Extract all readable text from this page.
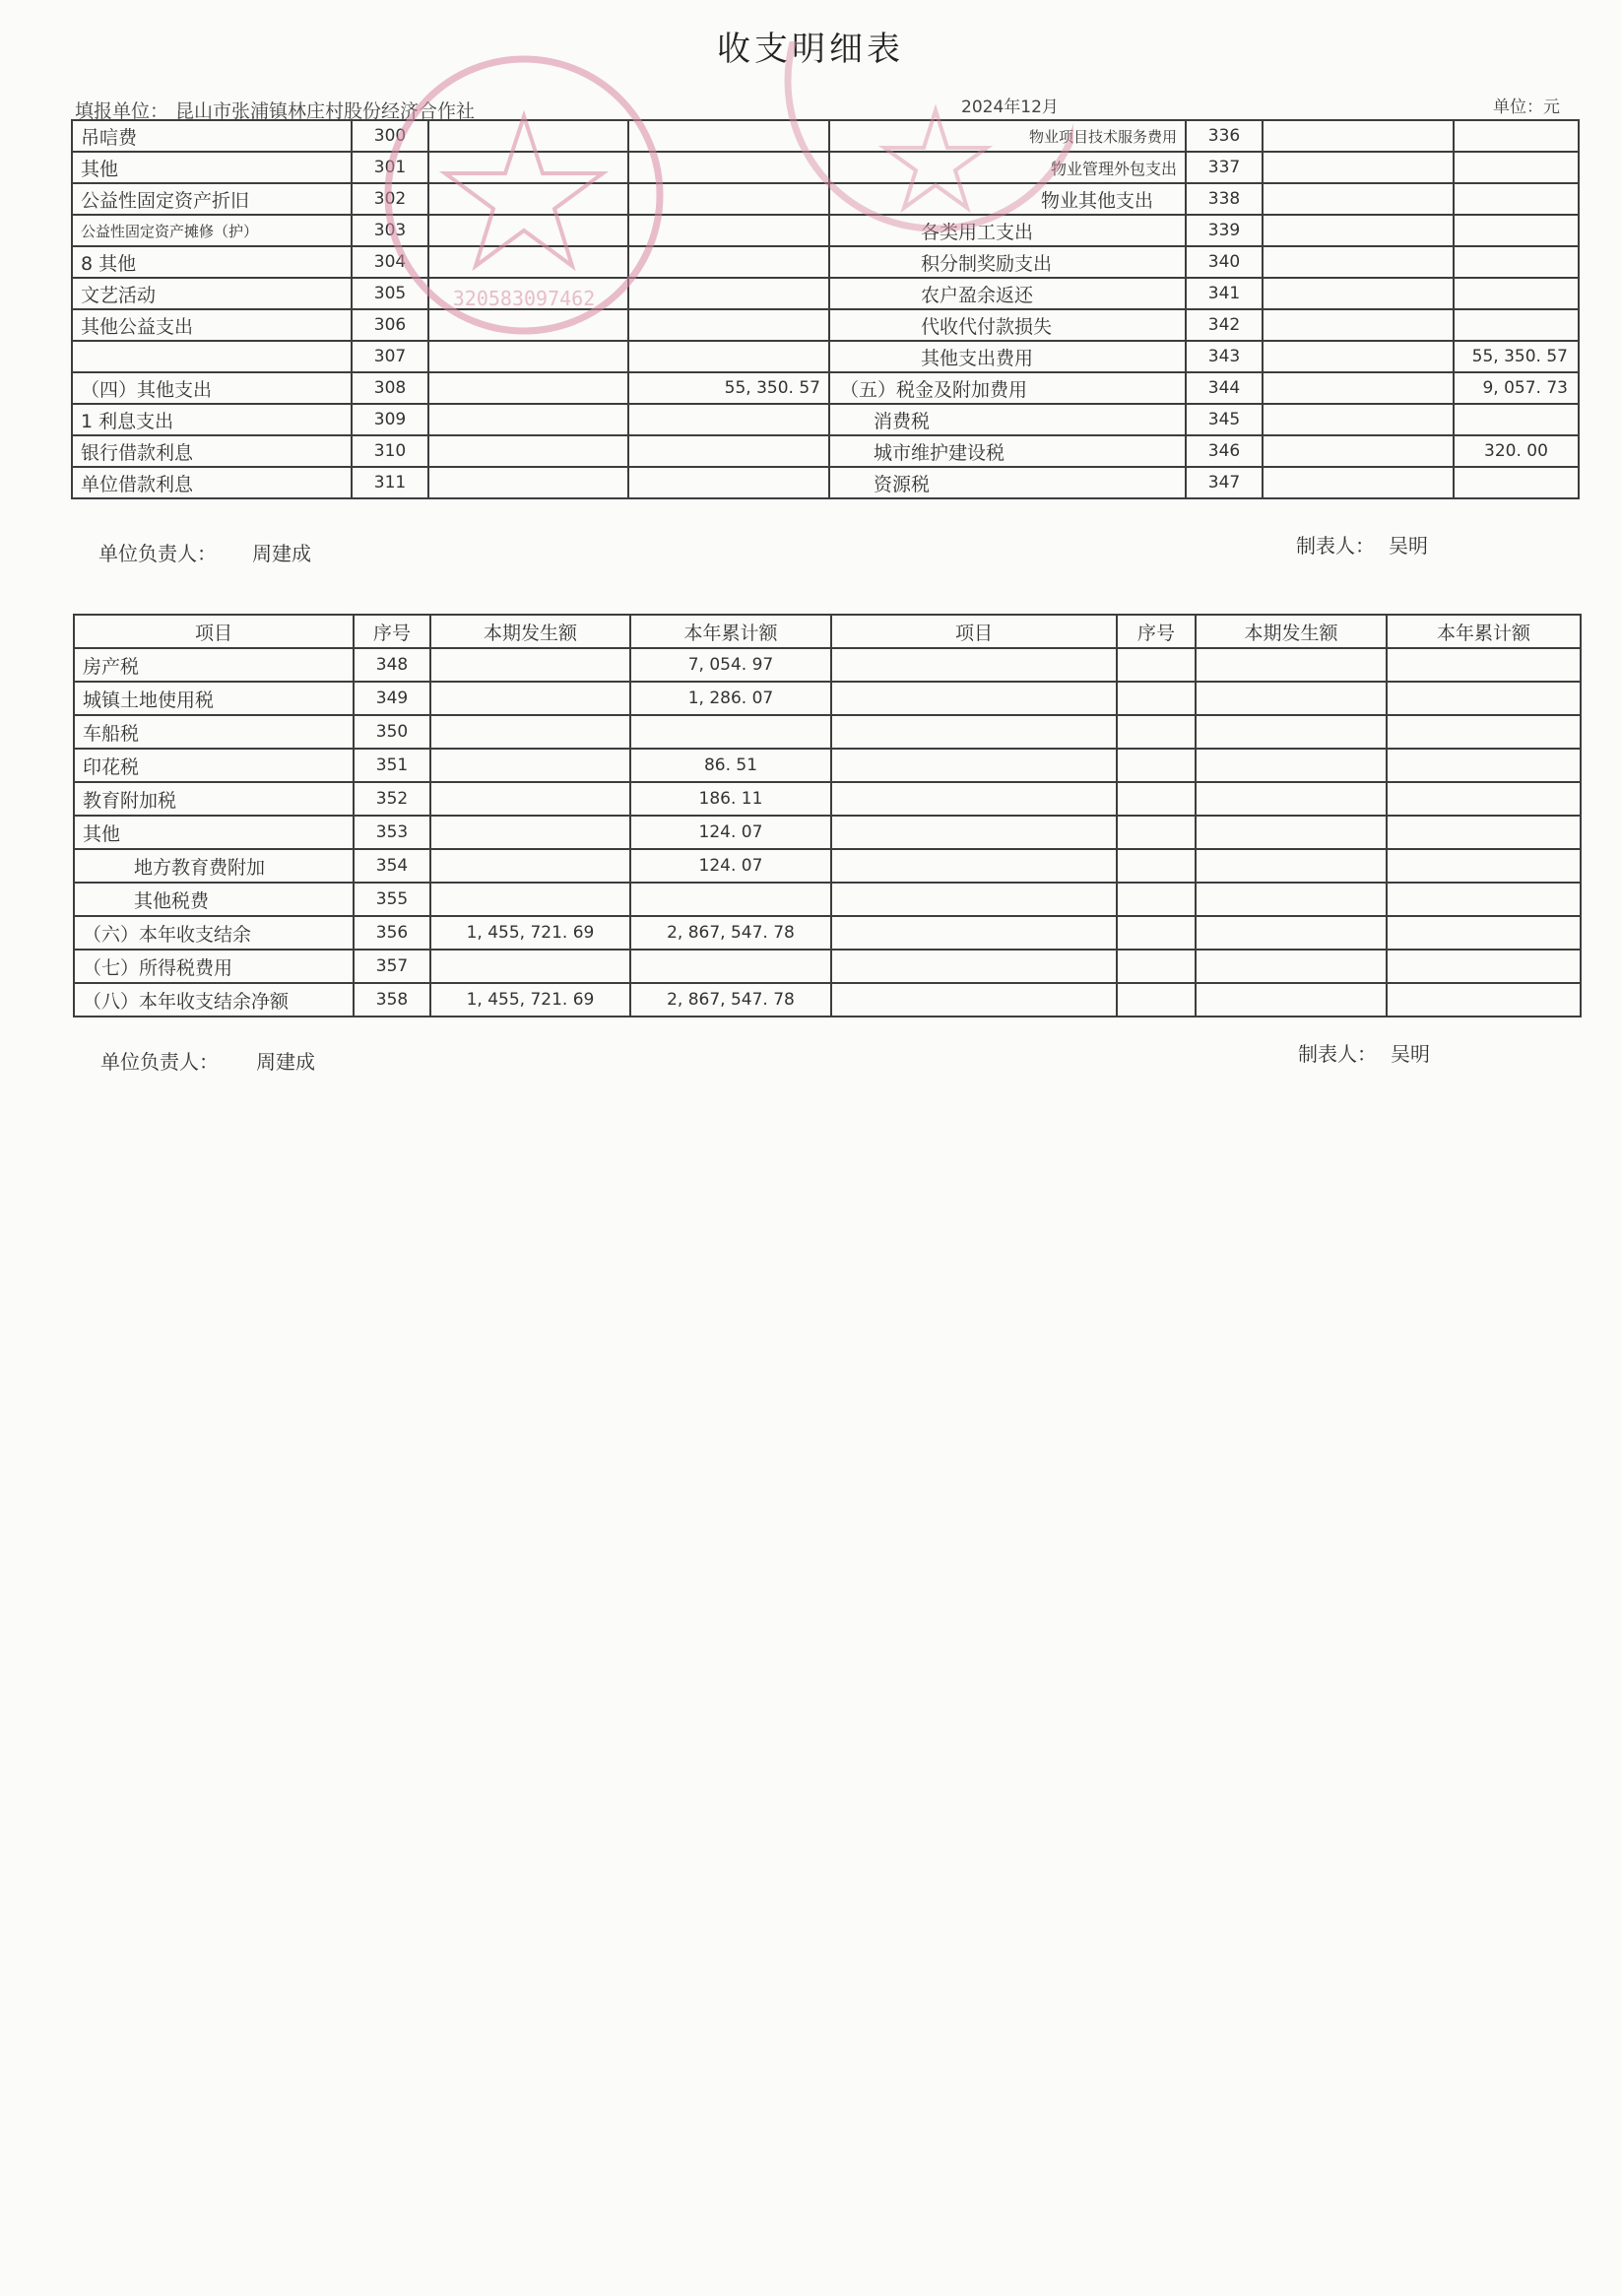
收支明细表
填报单位： 昆山市张浦镇林庄村股份经济合作社	2024年12月	单位：元
吊唁费	300			物业项目技术服务费用	336		
其他	301			物业管理外包支出	337		
公益性固定资产折旧	302			物业其他支出	338		
公益性固定资产摊修（护）	303			各类用工支出	339		
8 其他	304			积分制奖励支出	340		
文艺活动	305			农户盈余返还	341		
其他公益支出	306			代收代付款损失	342		
	307			其他支出费用	343		55, 350. 57
（四）其他支出	308		55, 350. 57	（五）税金及附加费用	344		9, 057. 73
1 利息支出	309			消费税	345		
银行借款利息	310			城市维护建设税	346		320. 00
单位借款利息	311			资源税	347		
单位负责人： 周建成	制表人： 吴明
项目	序号	本期发生额	本年累计额	项目	序号	本期发生额	本年累计额
房产税	348		7, 054. 97				
城镇土地使用税	349		1, 286. 07				
车船税	350						
印花税	351		86. 51				
教育附加税	352		186. 11				
其他	353		124. 07				
地方教育费附加	354		124. 07				
其他税费	355						
（六）本年收支结余	356	1, 455, 721. 69	2, 867, 547. 78				
（七）所得税费用	357						
（八）本年收支结余净额	358	1, 455, 721. 69	2, 867, 547. 78				
单位负责人： 周建成	制表人： 吴明
320583097462
